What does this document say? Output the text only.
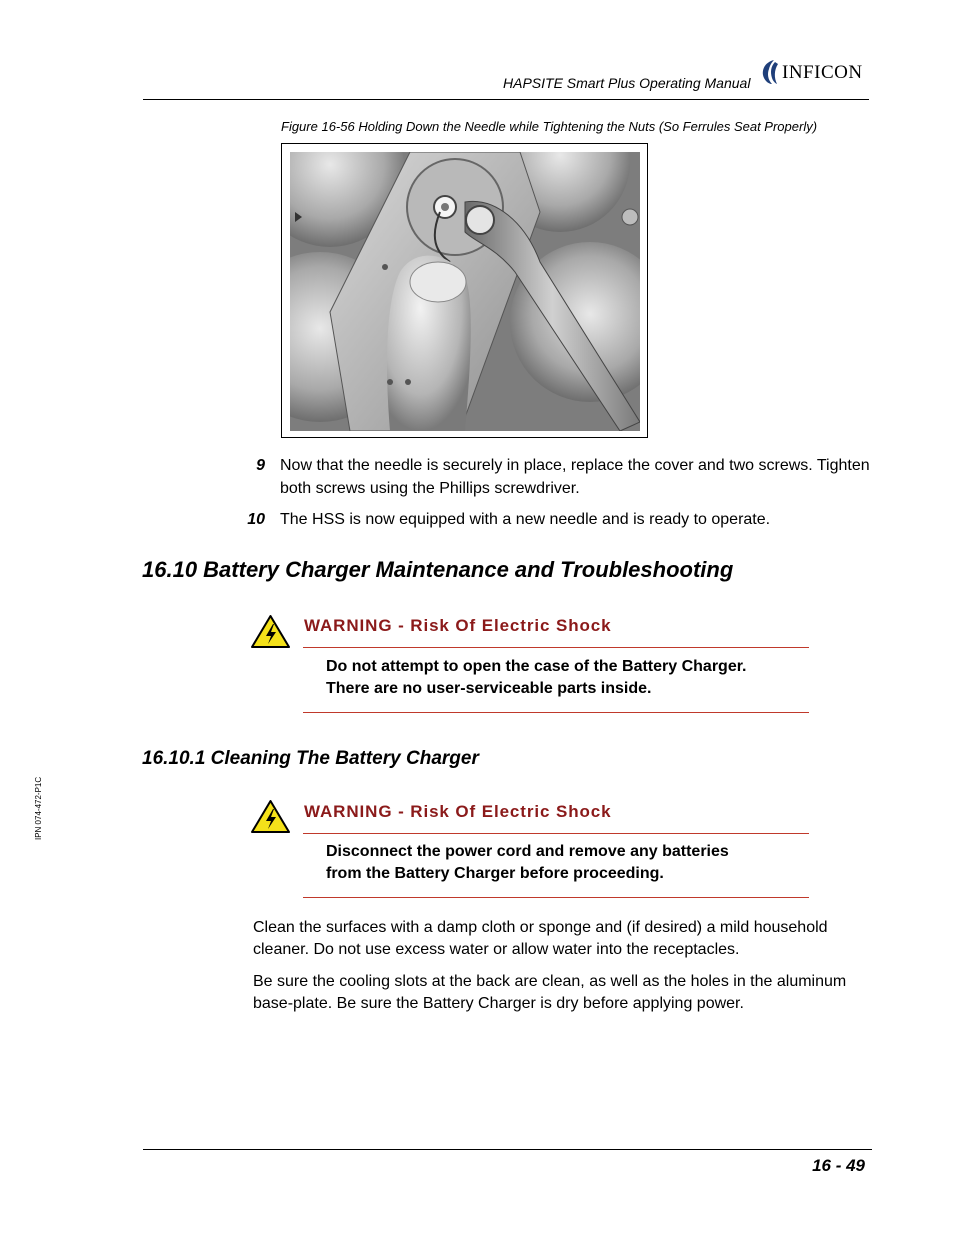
HAPSITE Smart Plus Operating Manual INFICON
Figure 16-56 Holding Down the Needle while Tightening the Nuts (So Ferrules Seat Properly)
9 Now that the needle is securely in place, replace the cover and two screws. Tighten both screws using the Phillips screwdriver.
10 The HSS is now equipped with a new needle and is ready to operate.
16.10 Battery Charger Maintenance and Troubleshooting
WARNING - Risk Of Electric Shock
Do not attempt to open the case of the Battery Charger.
There are no user-serviceable parts inside.
16.10.1 Cleaning The Battery Charger
WARNING - Risk Of Electric Shock
Disconnect the power cord and remove any batteries
from the Battery Charger before proceeding.
Clean the surfaces with a damp cloth or sponge and (if desired) a mild household
cleaner. Do not use excess water or allow water into the receptacles.
Be sure the cooling slots at the back are clean, as well as the holes in the aluminum
base-plate. Be sure the Battery Charger is dry before applying power.
IPN 074-472-P1C
16 - 49
